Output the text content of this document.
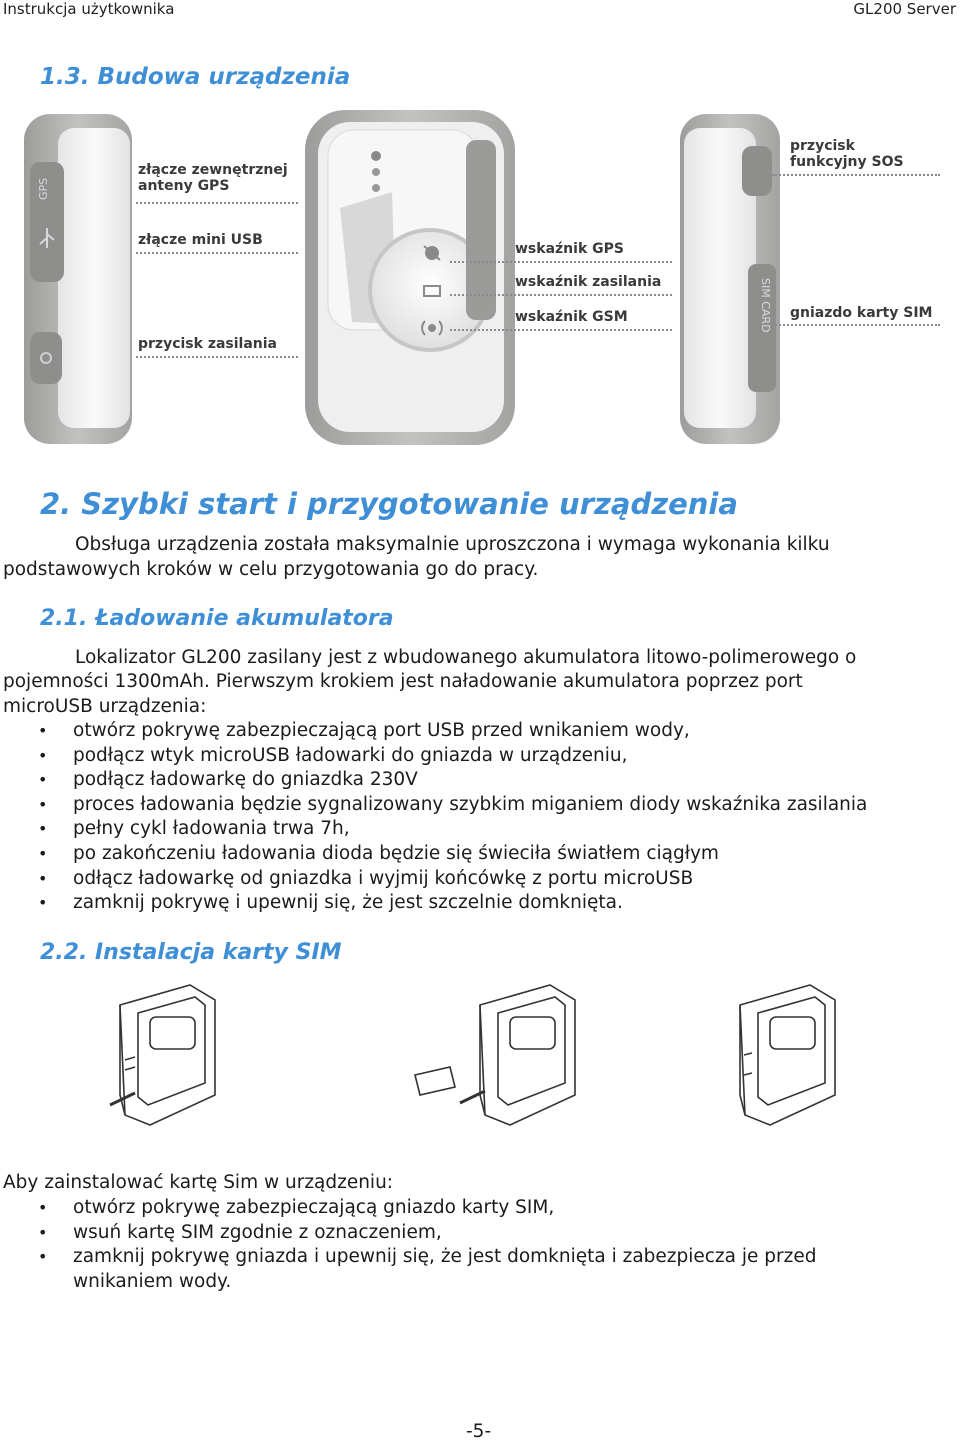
Instrukcja użytkownika	GL200 Server
1.3. Budowa urządzenia
GPS
SIM CARD
złącze zewnętrznej anteny GPS
złącze mini USB
przycisk zasilania
wskaźnik GPS
wskaźnik zasilania
wskaźnik GSM
przycisk funkcyjny SOS
gniazdo karty SIM
2. Szybki start i przygotowanie urządzenia
Obsługa urządzenia została maksymalnie uproszczona i wymaga wykonania kilku
podstawowych kroków w celu przygotowania go do pracy.
2.1. Ładowanie akumulatora
Lokalizator GL200 zasilany jest z wbudowanego akumulatora litowo-polimerowego o
pojemności 1300mAh. Pierwszym krokiem jest naładowanie akumulatora poprzez port
microUSB urządzenia:
• otwórz pokrywę zabezpieczającą port USB przed wnikaniem wody,
• podłącz wtyk microUSB ładowarki do gniazda w urządzeniu,
• podłącz ładowarkę do gniazdka 230V
• proces ładowania będzie sygnalizowany szybkim miganiem diody wskaźnika zasilania
• pełny cykl ładowania trwa 7h,
• po zakończeniu ładowania dioda będzie się świeciła światłem ciągłym
• odłącz ładowarkę od gniazdka i wyjmij końcówkę z portu microUSB
• zamknij pokrywę i upewnij się, że jest szczelnie domknięta.
2.2. Instalacja karty SIM
Aby zainstalować kartę Sim w urządzeniu:
• otwórz pokrywę zabezpieczającą gniazdo karty SIM,
• wsuń kartę SIM zgodnie z oznaczeniem,
• zamknij pokrywę gniazda i upewnij się, że jest domknięta i zabezpiecza je przed
wnikaniem wody.
-5-
